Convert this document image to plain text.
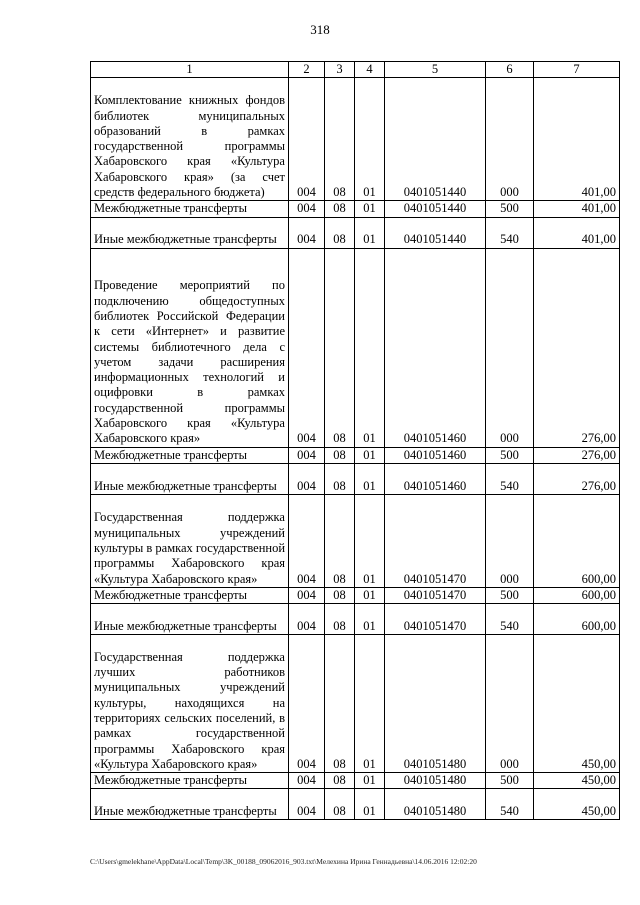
318
1	2	3	4	5	6	7
Комплектование книжных фондов библиотек муниципальных образований в рамках государственной программы Хабаровского края «Культура Хабаровского края» (за счет средств федерального бюджета)	004	08	01	0401051440	000	401,00
Межбюджетные трансферты	004	08	01	0401051440	500	401,00
Иные межбюджетные трансферты	004	08	01	0401051440	540	401,00
Проведение мероприятий по подключению общедоступных библиотек Российской Федерации к сети «Интернет» и развитие системы библиотечного дела с учетом задачи расширения информационных технологий и оцифровки в рамках государственной программы Хабаровского края «Культура Хабаровского края»	004	08	01	0401051460	000	276,00
Межбюджетные трансферты	004	08	01	0401051460	500	276,00
Иные межбюджетные трансферты	004	08	01	0401051460	540	276,00
Государственная поддержка муниципальных учреждений культуры в рамках государственной программы Хабаровского края «Культура Хабаровского края»	004	08	01	0401051470	000	600,00
Межбюджетные трансферты	004	08	01	0401051470	500	600,00
Иные межбюджетные трансферты	004	08	01	0401051470	540	600,00
Государственная поддержка лучших работников муниципальных учреждений культуры, находящихся на территориях сельских поселений, в рамках государственной программы Хабаровского края «Культура Хабаровского края»	004	08	01	0401051480	000	450,00
Межбюджетные трансферты	004	08	01	0401051480	500	450,00
Иные межбюджетные трансферты	004	08	01	0401051480	540	450,00
C:\Users\gmelekhane\AppData\Local\Temp\3K_00188_09062016_903.txt\Мелехина Ирина Геннадьевна\14.06.2016 12:02:20
